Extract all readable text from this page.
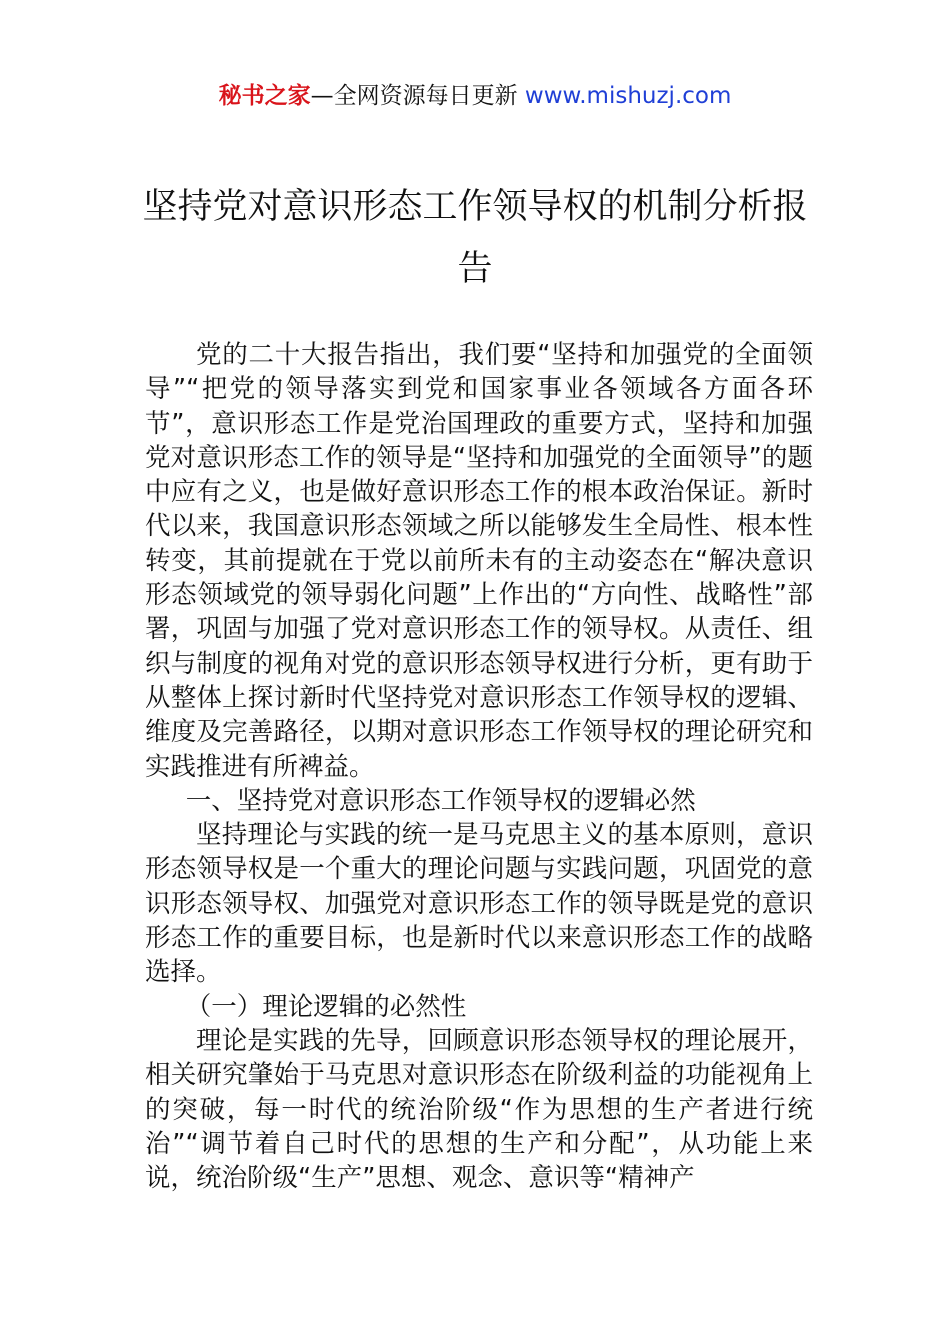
秘书之家—全网资源每日更新 www.mishuzj.com
坚持党对意识形态工作领导权的机制分析报告

党的二十大报告指出，我们要“坚持和加强党的全面领导”“把党的领导落实到党和国家事业各领域各方面各环节”，意识形态工作是党治国理政的重要方式，坚持和加强党对意识形态工作的领导是“坚持和加强党的全面领导”的题中应有之义，也是做好意识形态工作的根本政治保证。新时代以来，我国意识形态领域之所以能够发生全局性、根本性转变，其前提就在于党以前所未有的主动姿态在“解决意识形态领域党的领导弱化问题”上作出的“方向性、战略性”部署，巩固与加强了党对意识形态工作的领导权。从责任、组织与制度的视角对党的意识形态领导权进行分析，更有助于从整体上探讨新时代坚持党对意识形态工作领导权的逻辑、维度及完善路径，以期对意识形态工作领导权的理论研究和实践推进有所裨益。

一、坚持党对意识形态工作领导权的逻辑必然

坚持理论与实践的统一是马克思主义的基本原则，意识形态领导权是一个重大的理论问题与实践问题，巩固党的意识形态领导权、加强党对意识形态工作的领导既是党的意识形态工作的重要目标，也是新时代以来意识形态工作的战略选择。

（一）理论逻辑的必然性

理论是实践的先导，回顾意识形态领导权的理论展开，相关研究肇始于马克思对意识形态在阶级利益的功能视角上的突破，每一时代的统治阶级“作为思想的生产者进行统治”“调节着自己时代的思想的生产和分配”，从功能上来说，统治阶级“生产”思想、观念、意识等“精神产
